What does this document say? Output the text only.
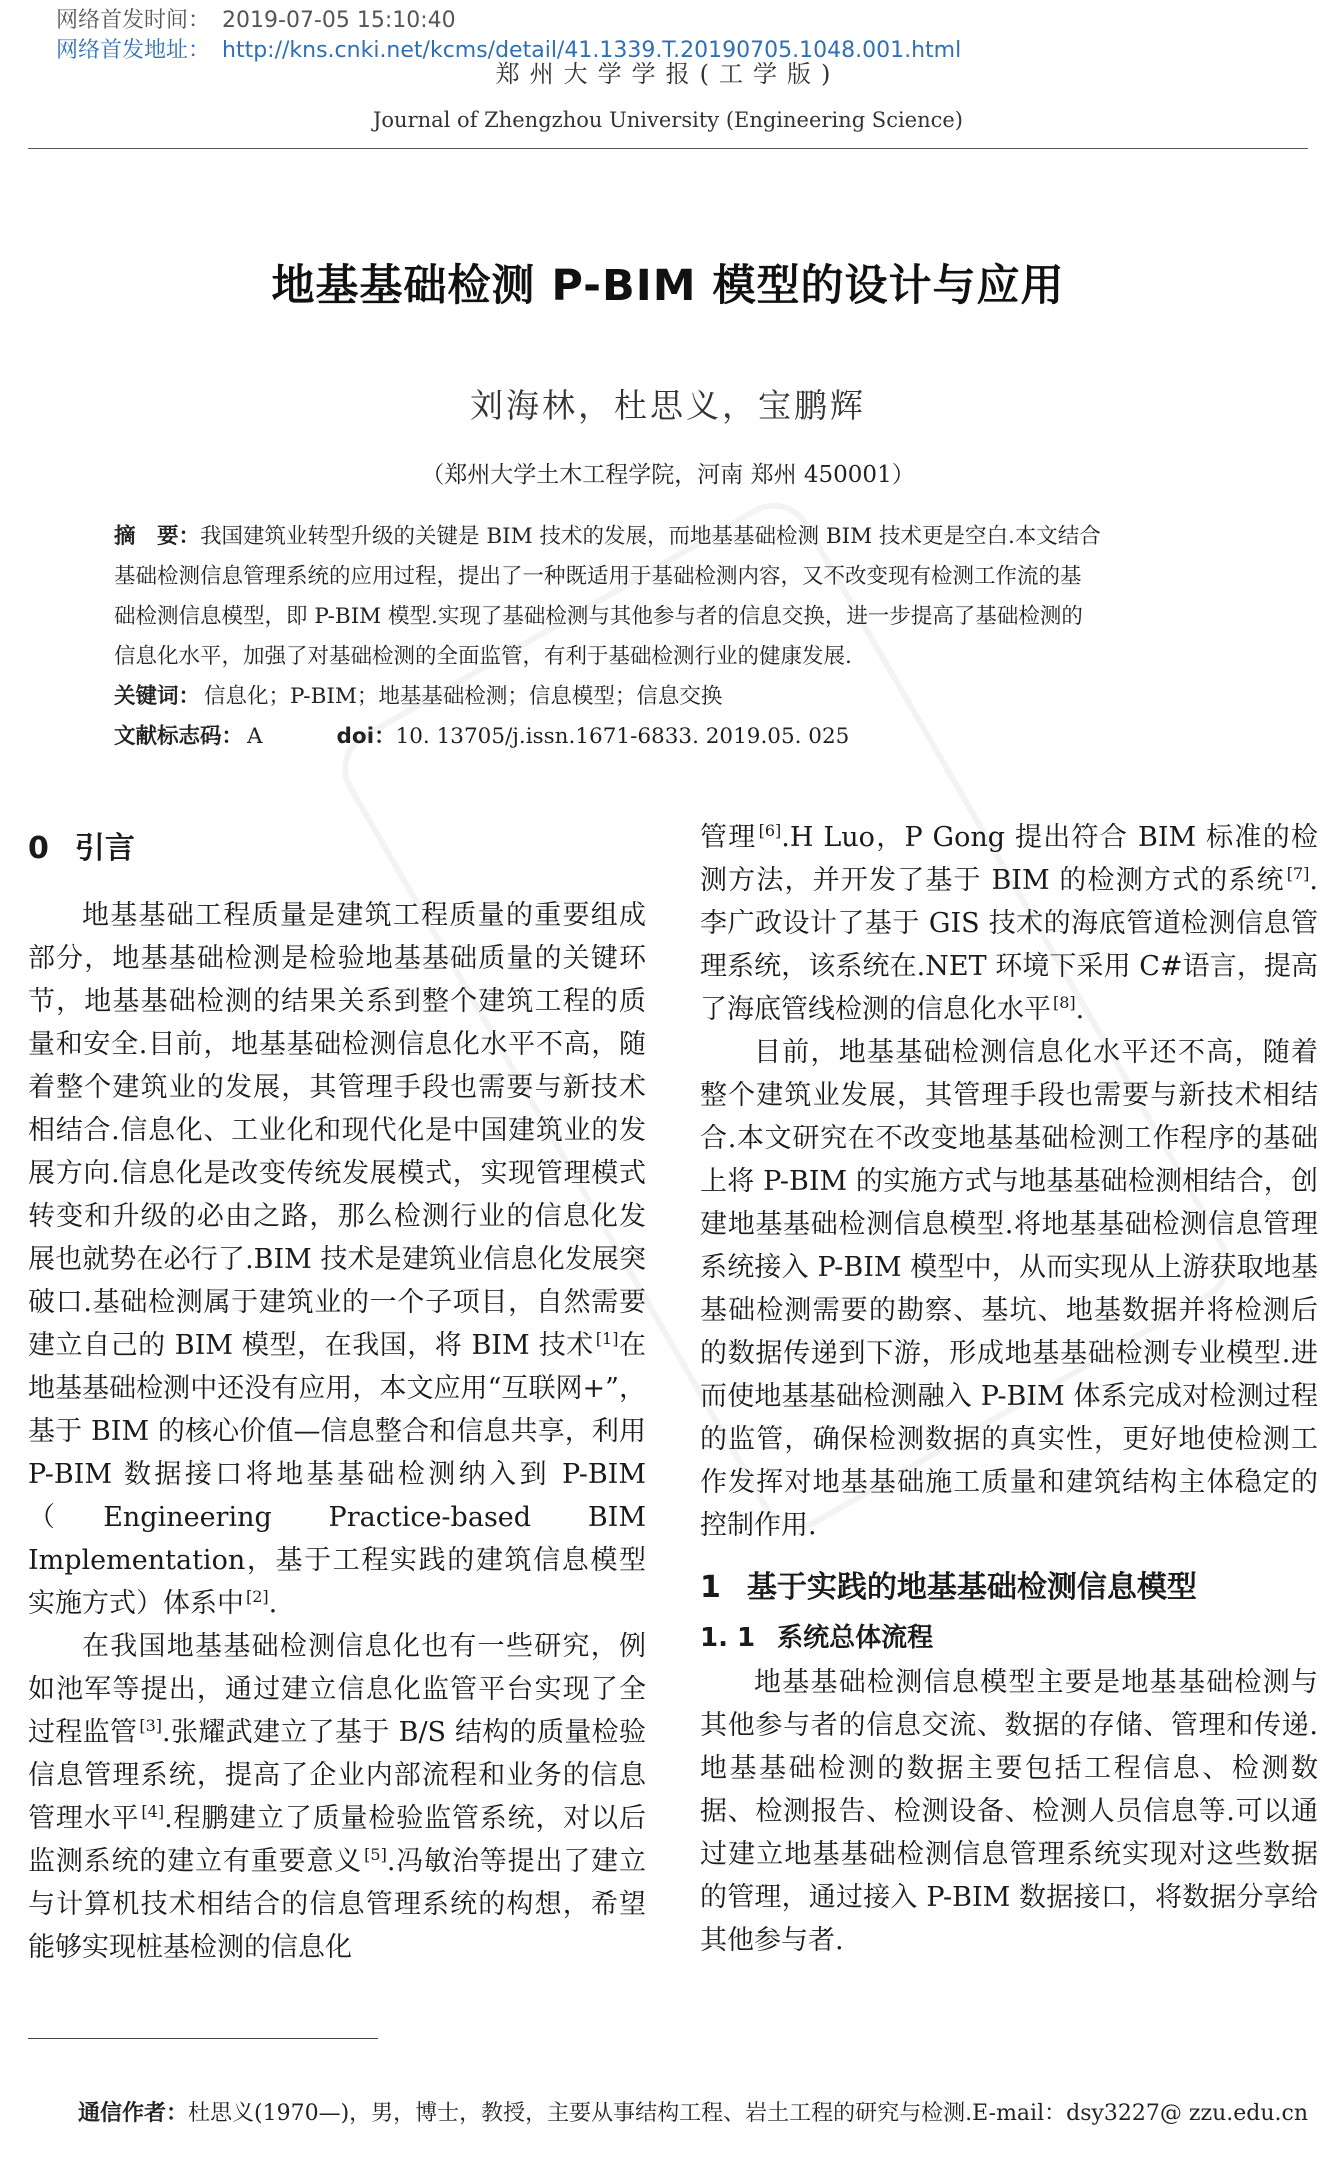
网络首发时间： 2019-07-05 15:10:40
网络首发地址： http://kns.cnki.net/kcms/detail/41.1339.T.20190705.1048.001.html
郑州大学学报(工学版)
Journal of Zhengzhou University (Engineering Science)
地基基础检测 P-BIM 模型的设计与应用
刘海林，杜思义，宝鹏辉
（郑州大学土木工程学院，河南 郑州 450001）
摘　要：我国建筑业转型升级的关键是 BIM 技术的发展，而地基基础检测 BIM 技术更是空白.本文结合
基础检测信息管理系统的应用过程，提出了一种既适用于基础检测内容，又不改变现有检测工作流的基
础检测信息模型，即 P-BIM 模型.实现了基础检测与其他参与者的信息交换，进一步提高了基础检测的
信息化水平，加强了对基础检测的全面监管，有利于基础检测行业的健康发展.
关键词： 信息化；P-BIM；地基基础检测；信息模型；信息交换
文献标志码： A	doi：10. 13705/j.issn.1671-6833. 2019.05. 025
0 引言

地基基础工程质量是建筑工程质量的重要组成部分，地基基础检测是检验地基基础质量的关键环节，地基基础检测的结果关系到整个建筑工程的质量和安全.目前，地基基础检测信息化水平不高，随着整个建筑业的发展，其管理手段也需要与新技术相结合.信息化、工业化和现代化是中国建筑业的发展方向.信息化是改变传统发展模式，实现管理模式转变和升级的必由之路，那么检测行业的信息化发展也就势在必行了.BIM 技术是建筑业信息化发展突破口.基础检测属于建筑业的一个子项目，自然需要建立自己的 BIM 模型，在我国，将 BIM 技术 [1]在地基基础检测中还没有应用，本文应用“互联网+”，基于 BIM 的核心价值—信息整合和信息共享，利用 P-BIM 数据接口将地基基础检测纳入到 P-BIM（Engineering Practice-based BIM Implementation，基于工程实践的建筑信息模型实施方式）体系中 [2].

在我国地基基础检测信息化也有一些研究，例如池军等提出，通过建立信息化监管平台实现了全过程监管 [3].张耀武建立了基于 B/S 结构的质量检验信息管理系统，提高了企业内部流程和业务的信息管理水平 [4].程鹏建立了质量检验监管系统，对以后监测系统的建立有重要意义 [5].冯敏治等提出了建立与计算机技术相结合的信息管理系统的构想，希望能够实现桩基检测的信息化

管理 [6].H Luo，P Gong 提出符合 BIM 标准的检测方法，并开发了基于 BIM 的检测方式的系统 [7].李广政设计了基于 GIS 技术的海底管道检测信息管理系统，该系统在.NET 环境下采用 C#语言，提高了海底管线检测的信息化水平 [8].

目前，地基基础检测信息化水平还不高，随着整个建筑业发展，其管理手段也需要与新技术相结合.本文研究在不改变地基基础检测工作程序的基础上将 P-BIM 的实施方式与地基基础检测相结合，创建地基基础检测信息模型.将地基基础检测信息管理系统接入 P-BIM 模型中，从而实现从上游获取地基基础检测需要的勘察、基坑、地基数据并将检测后的数据传递到下游，形成地基基础检测专业模型.进而使地基基础检测融入 P-BIM 体系完成对检测过程的监管，确保检测数据的真实性，更好地使检测工作发挥对地基基础施工质量和建筑结构主体稳定的控制作用.

1 基于实践的地基基础检测信息模型
1. 1 系统总体流程

地基基础检测信息模型主要是地基基础检测与其他参与者的信息交流、数据的存储、管理和传递.地基基础检测的数据主要包括工程信息、检测数据、检测报告、检测设备、检测人员信息等.可以通过建立地基基础检测信息管理系统实现对这些数据的管理，通过接入 P-BIM 数据接口，将数据分享给其他参与者.

通信作者：杜思义(1970—)，男，博士，教授，主要从事结构工程、岩土工程的研究与检测.E-mail：dsy3227@ zzu.edu.cn
